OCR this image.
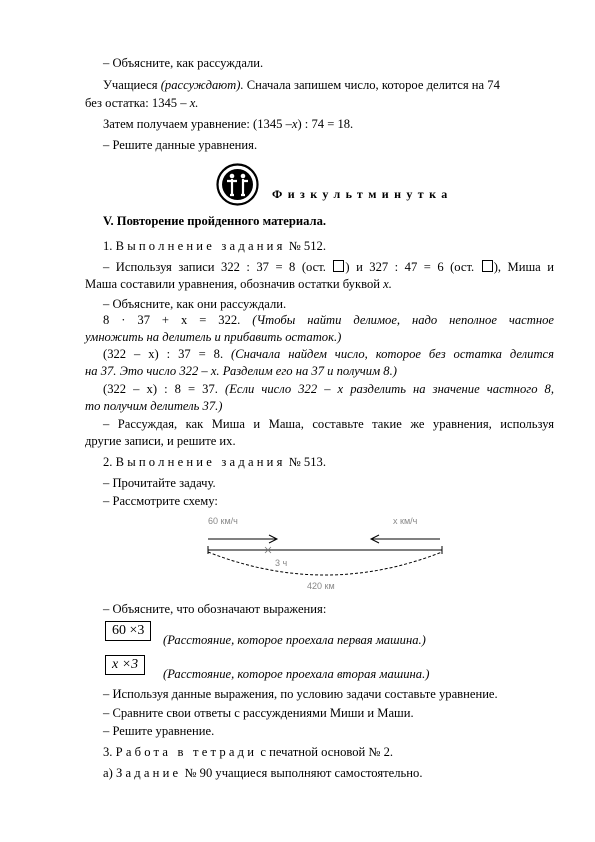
– Объясните, как рассуждали.
Учащиеся (рассуждают). Сначала запишем число, которое делится на 74
без остатка: 1345 – x.
Затем получаем уравнение: (1345 –x) : 74 = 18.
– Решите данные уравнения.
Физкультминутка
V. Повторение пройденного материала.
1. Выполнение задания № 512.
– Используя записи 322 : 37 = 8 (ост. ) и 327 : 47 = 6 (ост. ), Миша и
Маша составили уравнения, обозначив остатки буквой x.
– Объясните, как они рассуждали.
8 · 37 + x = 322. (Чтобы найти делимое, надо неполное частное
умножить на делитель и прибавить остаток.)
(322 – x) : 37 = 8. (Сначала найдем число, которое без остатка делится
на 37. Это число 322 – x. Разделим его на 37 и получим 8.)
(322 – x) : 8 = 37. (Если число 322 – x разделить на значение частного 8,
то получим делитель 37.)
– Рассуждая, как Миша и Маша, составьте такие же уравнения, используя
другие записи, и решите их.
2. Выполнение задания № 513.
– Прочитайте задачу.
– Рассмотрите схему:
60 км/ч	x км/ч
3 ч
420 км
– Объясните, что обозначают выражения:
60 ×3
(Расстояние, которое проехала первая машина.)
x ×3
(Расстояние, которое проехала вторая машина.)
– Используя данные выражения, по условию задачи составьте уравнение.
– Сравните свои ответы с рассуждениями Миши и Маши.
– Решите уравнение.
3. Работа в тетради с печатной основой № 2.
а) Задание № 90 учащиеся выполняют самостоятельно.
